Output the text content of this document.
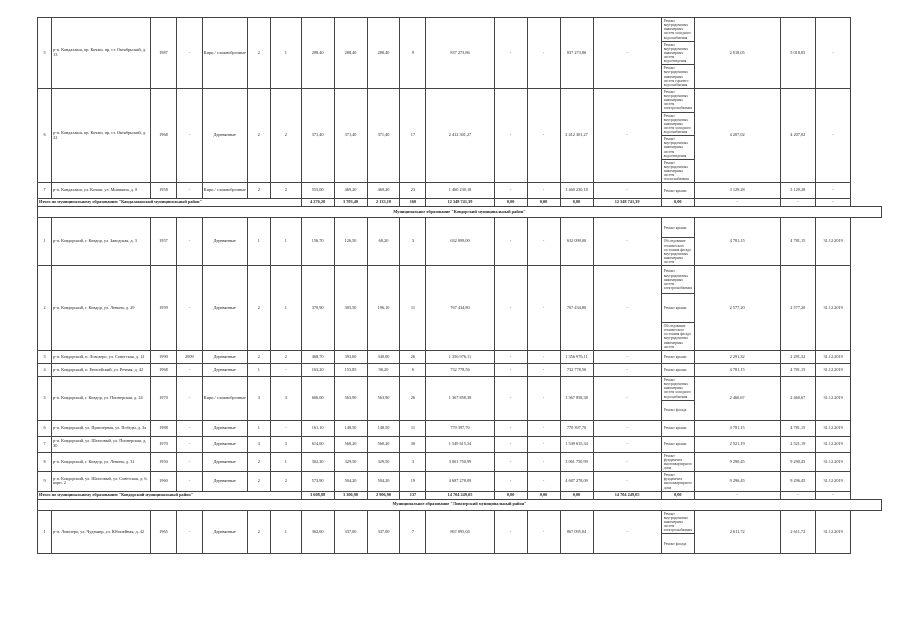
5	р-п. Кандалакш, пр. Кочаш, пр. ст. Октябрьский, д. 13	1987	-	Кирп./ сложноброчные	2	1	288,40	288,40	288,40	9	837 273,86	-	-	837 273,86	-	Ремонт внутридомовых инженерных систем холодного водоснабжения	2 018,05	5 018,05	-
																Ремонт внутридомовых инженерных систем водоотведения			
																Ремонт внутридомовых инженерных систем горячего водоснабжения			
6	р-п. Кандалакш, пр. Кочаш, пр. ст. Октябрьский, д. 22	1968	-	Деревянные	2	2	371,40	371,40	371,40	17	2 412 301,27	-	-	2 412 301,27	-	Ремонт внутридомовых инженерных систем электроснабжения	4 207,02	4 207,02	-
																Ремонт внутридомовых инженерных систем холодного водоснабжения			
																Ремонт внутридомовых инженерных систем водоотведения			
																Ремонт внутридомовых инженерных систем теплоснабжения			
7	р-п. Кандалакш, ул. Кочаш, ул. Мишкина, д. 8	1958	-	Кирп./ сложноброчные	2	2	553,00	469,20	469,20	23	1 460 230,18	-	-	1 460 230,18	-	Ремонт крыши	3 129,28	3 129,28	-
Итого по муниципальному образованию "Кандалакшский муниципальный район"							4 276,20	3 703,40	2 133,10	160	12 348 741,39	0,00	0,00	0,00	12 348 741,39	0,00	-	-	-
Муниципальное образование "Ковдорский муниципальный район"																			
1	р-п. Ковдорский, г. Ковдор, ул. Заводская, д. 3	1957	-	Деревянные	1	1	156,70	126,50	68,20	3	632 099,00	-	-	632 099,00	-	Ремонт крыши	4 781,15	4 781,15	31.12.2019
																Обследование технического состояния фасада внутридомовых инженерных систем			
2	р-п. Ковдорский, г. Ковдор, ул. Ленина, д. 29	1959	-	Деревянные	2	1	370,90	305,50	196,10	11	767 434,80	-	-	767 434,80	-	Ремонт внутридомовых инженерных систем электроснабжения	2 577,20	2 577,20	31.12.2019
																Ремонт крыши			
																Обследование технического состояния фасада внутридомовых инженерных систем			
3	р-п. Ковдорский, п. Ловозеро, ул. Советская, д. 12	1990	2009	Деревянные	2	2	468,70	393,60	340,00	26	1 356 976,11	-	-	1 356 976,11	-	Ремонт крыши	2 291,32	2 291,32	31.12.2019
4	р-п. Ковдорский, п. Енисейский, ул. Речная, д. 42	1968	-	Деревянные	1	-	163,20	153,85	96,20	6	732 778,56	-	-	732 778,56	-	Ремонт крыши	4 781,15	4 781,15	31.12.2019
5	р-п. Ковдорский, г. Ковдор, ул. Пионерская, д. 24	1970	-	Кирп./ сложноброчные	3	3	606,00	563,90	563,90	26	1 367 858,38	-	-	1 367 858,38	-	Ремонт внутридомовых инженерных систем холодного водоснабжения	2 460,67	2 460,67	31.12.2019
																Ремонт фасада			
6	р-п. Ковдорский, ул. Приозерная, ул. Победы, д. 3а	1988	-	Деревянные	1	-	161,10	148,50	148,50	11	770 397,70	-	-	770 397,70	-	Ремонт крыши	4 781,15	4 781,15	31.12.2019
7	р-п. Ковдорский, ул. Шахтовый, ул. Пионерская, д. 30	1970	-	Деревянные	3	3	614,60	560,20	560,20	30	1 549 615,34	-	-	1 549 615,34	-	Ремонт крыши	2 521,19	2 521,19	31.12.2019
8	р-п. Ковдорский, г. Ковдор, ул. Ленина, д. 31	1950	-	Деревянные	2	1	302,30	329,50	329,50	3	3 061 750,99	-	-	3 061 750,99	-	Ремонт фундамента многоквартирного дома	9 290,45	9 290,45	31.12.2019
9	р-п. Ковдорский, ул. Шахтовый, ул. Советская, д. 6, корп. 2	1960	-	Деревянные	2	2	573,90	504,20	504,20	19	4 687 278,09	-	-	4 687 278,09	-	Ремонт фундамента многоквартирного дома	9 296,45	9 296,45	31.12.2019
Итого по муниципальному образованию "Ковдорский муниципальный район"							3 608,88	3 306,90	2 906,90	137	14 704 249,05	0,00	0,00	0,00	14 704 249,05	0,00	-	-	-
Муниципальное образование "Ловозерский муниципальный район"																			
1	р-п. Ловозеро, ул. Чудзъявр, ул. Юбилейная, д. 42	1965	-	Деревянные	2	1	362,60	337,00	337,00	7	867 095,04	-	-	867 095,04	-	Ремонт внутридомовых инженерных систем электроснабжения	2 611,72	2 611,72	31.12.2019
																Ремонт фасада			
